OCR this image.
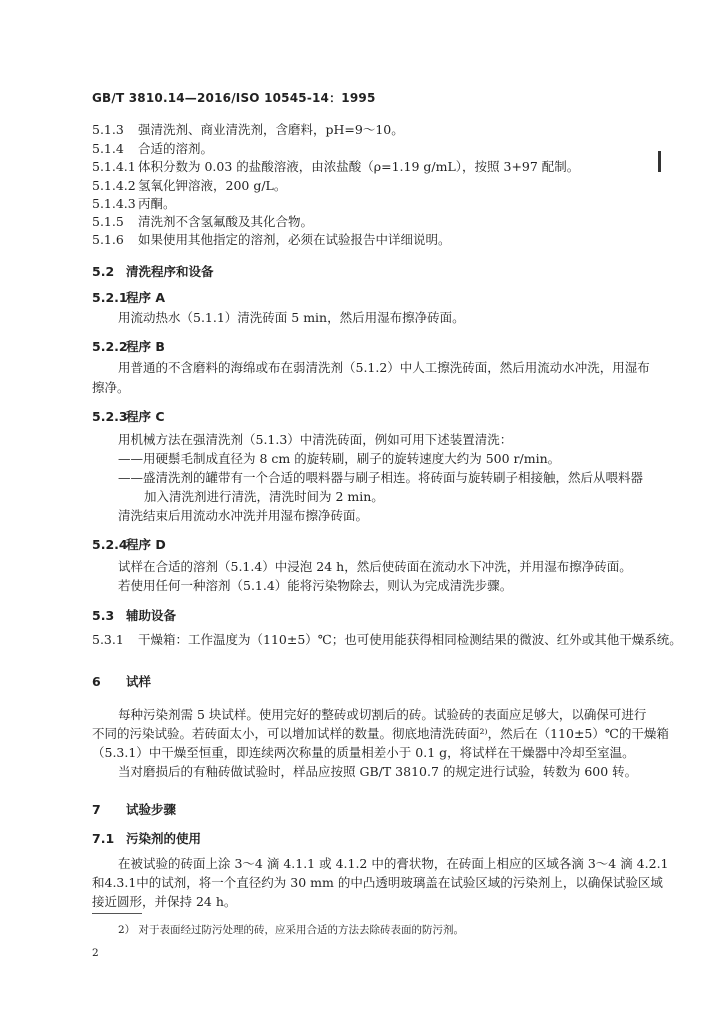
GB/T 3810.14—2016/ISO 10545-14：1995
5.1.3 强清洗剂、商业清洗剂，含磨料，pH=9～10。
5.1.4 合适的溶剂。
5.1.4.1 体积分数为 0.03 的盐酸溶液，由浓盐酸（ρ=1.19 g/mL），按照 3+97 配制。
5.1.4.2 氢氧化钾溶液，200 g/L。
5.1.4.3 丙酮。
5.1.5 清洗剂不含氢氟酸及其化合物。
5.1.6 如果使用其他指定的溶剂，必须在试验报告中详细说明。
5.2 清洗程序和设备
5.2.1程序 A
用流动热水（5.1.1）清洗砖面 5 min，然后用湿布擦净砖面。
5.2.2程序 B
用普通的不含磨料的海绵或布在弱清洗剂（5.1.2）中人工擦洗砖面，然后用流动水冲洗，用湿布
擦净。
5.2.3程序 C
用机械方法在强清洗剂（5.1.3）中清洗砖面，例如可用下述装置清洗：
——用硬鬃毛制成直径为 8 cm 的旋转刷，刷子的旋转速度大约为 500 r/min。
——盛清洗剂的罐带有一个合适的喂料器与刷子相连。将砖面与旋转刷子相接触，然后从喂料器
加入清洗剂进行清洗，清洗时间为 2 min。
清洗结束后用流动水冲洗并用湿布擦净砖面。
5.2.4程序 D
试样在合适的溶剂（5.1.4）中浸泡 24 h，然后使砖面在流动水下冲洗，并用湿布擦净砖面。
若使用任何一种溶剂（5.1.4）能将污染物除去，则认为完成清洗步骤。
5.3 辅助设备
5.3.1 干燥箱：工作温度为（110±5）℃；也可使用能获得相同检测结果的微波、红外或其他干燥系统。
6 试样
每种污染剂需 5 块试样。使用完好的整砖或切割后的砖。试验砖的表面应足够大，以确保可进行
不同的污染试验。若砖面太小，可以增加试样的数量。彻底地清洗砖面²⁾，然后在（110±5）℃的干燥箱
（5.3.1）中干燥至恒重，即连续两次称量的质量相差小于 0.1 g，将试样在干燥器中冷却至室温。
当对磨损后的有釉砖做试验时，样品应按照 GB/T 3810.7 的规定进行试验，转数为 600 转。
7 试验步骤
7.1 污染剂的使用
在被试验的砖面上涂 3～4 滴 4.1.1 或 4.1.2 中的膏状物，在砖面上相应的区域各滴 3～4 滴 4.2.1
和4.3.1中的试剂，将一个直径约为 30 mm 的中凸透明玻璃盖在试验区域的污染剂上，以确保试验区域
接近圆形，并保持 24 h。
2） 对于表面经过防污处理的砖，应采用合适的方法去除砖表面的防污剂。
2
